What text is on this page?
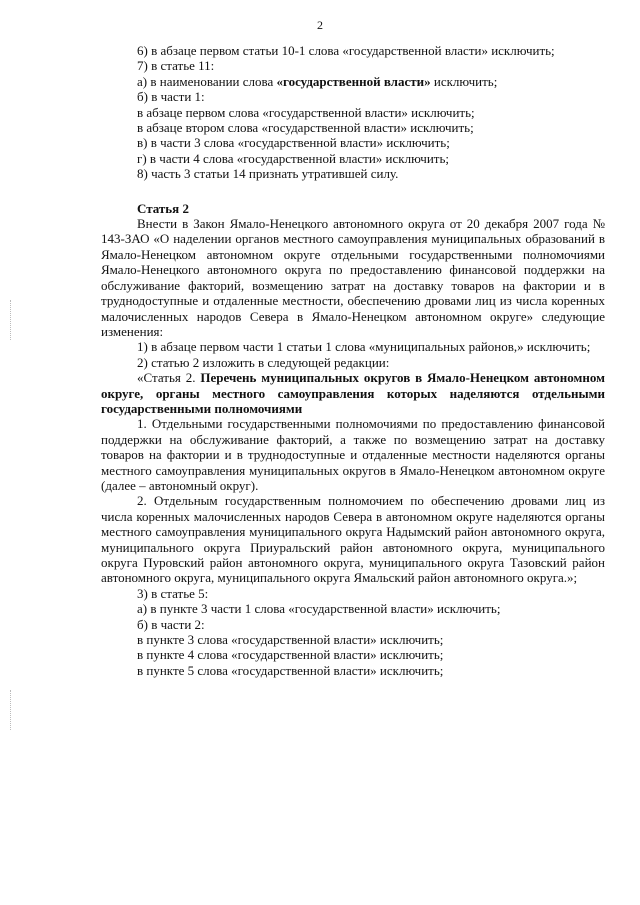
2

6) в абзаце первом статьи 10-1 слова «государственной власти» исключить;

7) в статье 11:

а) в наименовании слова «государственной власти» исключить;

б) в части 1:

в абзаце первом слова «государственной власти» исключить;

в абзаце втором слова «государственной власти» исключить;

в) в части 3 слова «государственной власти» исключить;

г) в части 4 слова «государственной власти» исключить;

8) часть 3 статьи 14 признать утратившей силу.

Статья 2

Внести в Закон Ямало-Ненецкого автономного округа от 20 декабря 2007 года № 143-ЗАО «О наделении органов местного самоуправления муниципальных образований в Ямало-Ненецком автономном округе отдельными государственными полномочиями Ямало-Ненецкого автономного округа по предоставлению финансовой поддержки на обслуживание факторий, возмещению затрат на доставку товаров на фактории и в труднодоступные и отдаленные местности, обеспечению дровами лиц из числа коренных малочисленных народов Севера в Ямало-Ненецком автономном округе» следующие изменения:

1) в абзаце первом части 1 статьи 1 слова «муниципальных районов,» исключить;

2) статью 2 изложить в следующей редакции:

«Статья 2. Перечень муниципальных округов в Ямало-Ненецком автономном округе, органы местного самоуправления которых наделяются отдельными государственными полномочиями

1. Отдельными государственными полномочиями по предоставлению финансовой поддержки на обслуживание факторий, а также по возмещению затрат на доставку товаров на фактории и в труднодоступные и отдаленные местности наделяются органы местного самоуправления муниципальных округов в Ямало-Ненецком автономном округе (далее – автономный округ).

2. Отдельным государственным полномочием по обеспечению дровами лиц из числа коренных малочисленных народов Севера в автономном округе наделяются органы местного самоуправления муниципального округа Надымский район автономного округа, муниципального округа Приуральский район автономного округа, муниципального округа Пуровский район автономного округа, муниципального округа Тазовский район автономного округа, муниципального округа Ямальский район автономного округа.»;

3) в статье 5:

а) в пункте 3 части 1 слова «государственной власти» исключить;

б) в части 2:

в пункте 3 слова «государственной власти» исключить;

в пункте 4 слова «государственной власти» исключить;

в пункте 5 слова «государственной власти» исключить;
